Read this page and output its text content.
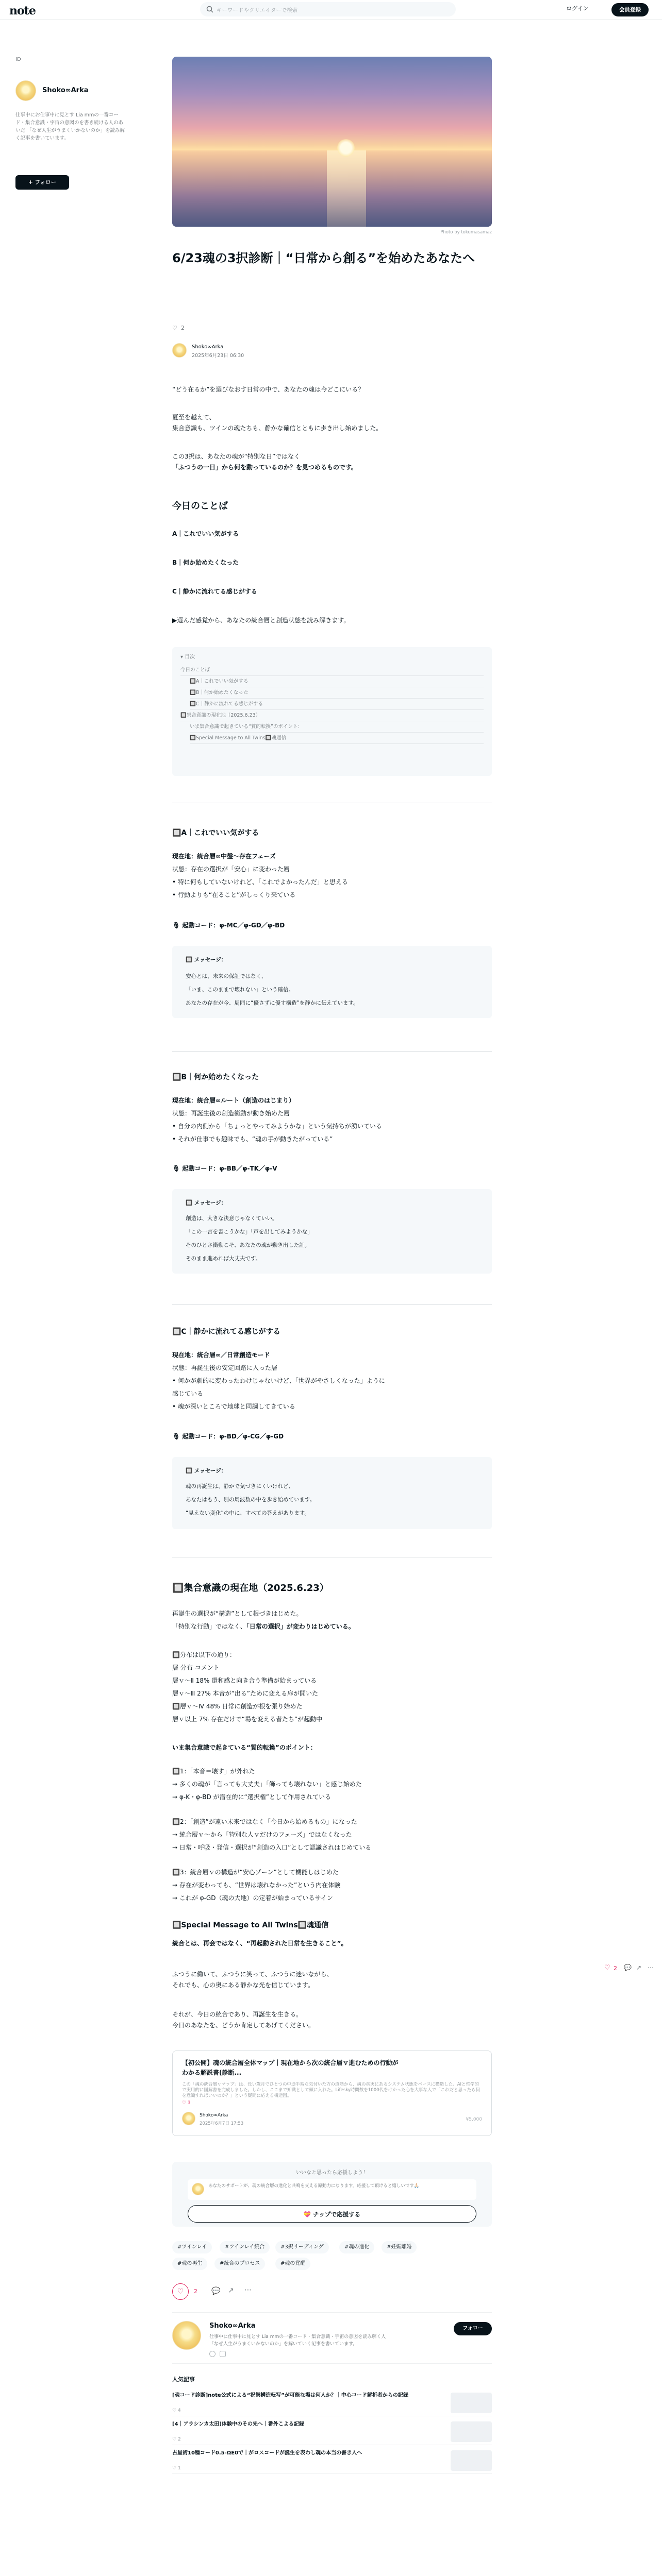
note	キーワードやクリエイターで検索	ログイン	会員登録
ID
Shoko∞Arka
仕事中にお仕事中に見とす Lia mmの一番コード・集合意識・宇宙の意図のを書き続ける人のあいだ 「なぜ人生がうまくいかないのか」を読み解く記事を書いています。
+ フォロー
Photo by tokumasamaz
6/23魂の3択診断｜“日常から創る”を始めたあなたへ
♡ 2
Shoko∞Arka
2025年6月23日 06:30
“どう在るか”を選びなおす日常の中で、あなたの魂は今どこにいる？
夏至を越えて、
集合意識も、ツインの魂たちも、静かな確信とともに歩き出し始めました。
この3択は、あなたの魂が“特別な日”ではなく
「ふつうの一日」から何を動っているのか？を見つめるものです。
今日のことば
A｜これでいい気がする
B｜何か始めたくなった
C｜静かに流れてる感じがする
▶選んだ感覚から、あなたの統合層と創造状態を読み解きます。
▾ 目次
今日のことば
🔲A｜これでいい気がする
🔲B｜何か始めたくなった
🔲C｜静かに流れてる感じがする
🔲集合意識の現在地（2025.6.23）
いま集合意識で起きている“質的転換”のポイント：
🔲Special Message to All Twins🔲魂通信
🔲A｜これでいい気がする
現在地：統合層∞中盤〜存在フェーズ
状態：存在の選択が「安心」に変わった層
• 特に何もしていないけれど、「これでよかったんだ」と思える
• 行動よりも“在ること”がしっくり来ている
🎙 起動コード：φ-MC／φ-GD／φ-BD
🔲 メッセージ：
安心とは、未来の保証ではなく、
「いま、このままで壊れない」という確信。
あなたの存在が今、周囲に“優さずに優す構造”を静かに伝えています。
🔲B｜何か始めたくなった
現在地：統合層∞ルート（創造のはじまり）
状態：再誕生後の創造衝動が動き始めた層
• 自分の内側から「ちょっとやってみようかな」という気持ちが湧いている
• それが仕事でも趣味でも、“魂の手が動きたがっている”
🎙 起動コード：φ-BB／φ-TK／φ-V
🔲 メッセージ：
創造は、大きな決意じゃなくていい。
「この一言を書こうかな」「声を出してみようかな」
そのひとさ衝動こそ、あなたの魂が動き出した証。
そのまま進めれば大丈夫です。
🔲C｜静かに流れてる感じがする
現在地：統合層∞／日常創造モード
状態：再誕生後の安定回路に入った層
• 何かが劇的に変わったわけじゃないけど、「世界がやさしくなった」ように
感じている
• 魂が深いところで地球と同調してきている
🎙 起動コード：φ-BD／φ-CG／φ-GD
🔲 メッセージ：
魂の再誕生は、静かで気づきにくいけれど、
あなたはもう、別の周波数の中を歩き始めています。
“見えない変化”の中に、すべての答えがあります。
🔲集合意識の現在地（2025.6.23）
再誕生の選択が“構造”として根づきはじめた。
「特別な行動」ではなく、「日常の選択」が変わりはじめている。
🔲分布は以下の通り：
層 分布 コメント
層ｖ〜Ⅱ 18% 還和感と向き合う準備が始まっている
層ｖ〜Ⅲ 27% 本音が“出る”ために変える扉が開いた
🔲層ｖ〜Ⅳ 48% 日常に創造が根を張り始めた
層ｖ以上 7% 存在だけで“場を変える者たち”が起動中
いま集合意識で起きている“質的転換”のポイント：
🔲1：「本音＝壊す」が外れた
→ 多くの魂が「言っても大丈夫」「飾っても壊れない」と感じ始めた
→ φ-K・φ-BD が潜在的に“選択権”として作用されている
🔲2：「創造”が遠い未来ではなく「今日から始めるもの」になった
→ 統合層ｖ〜から「特別な人ｖだけのフェーズ」ではなくなった
→ 日常・呼吸・発信・選択が“創造の入口”として認識されはじめている
🔲3：統合層ｖの構造が“安心ゾーン”として機能しはじめた
→ 存在が変わっても、“世界は壊れなかった”という内在体験
→ これが φ-GD（魂の大地）の定着が始まっているサイン
🔲Special Message to All Twins🔲魂通信
統合とは、再会ではなく、“再起動された日常を生きること”。
ふつうに働いて、ふつうに笑って、ふつうに迷いながら、
それでも、心の奥にある静かな光を信じています。
それが、今日の統合であり、再誕生を生きる。
今日のあなたを、どうか肯定してあげてください。
【初公開】魂の統合層全体マップ｜現在地から次の統合層ｖ進むための行動がわかる解説書(診断...
この「魂の統合層ｖマップ」は、長い歳月でひとつの中途半端な気付いた方の道筋から、魂の真実にあるシステム状態をベースに構造した、AIと哲学的で実用的に図解書を完成しました。しかし、ここまで知識として頭に入れた。Lifesky時間数を1000代をけかった心を大事な人で「これだと思ったら何を意識すればいいのか？」という疑問に応える構造図。
♡ 3
Shoko∞Arka
2025年6月7日 17:53
¥5,000
いいなと思ったら応援しよう！
あなたのサポートが、魂の統合層の進化と共鳴を支える原動力になります。応援して頂けると嬉しいです🙏🏻
💝 チップで応援する
#ツインレイ	#ツインレイ統合	#3択リーディング	#魂の進化	#妊娠離婚
#魂の再生	#統合のプロセス	#魂の覚醒
♡	2 💬 ↗ ⋯
Shoko∞Arka
仕事中に仕事中に見とす Lia mmの一番コード・集合意識・宇宙の意図を読み解く人
「なぜ人生がうまくいかないのか」を解いていく記事を書いています。
フォロー
人気記事
[魂コード診断]note公式による“祝祭構造転写”が可能な場は何人か？｜中心コード解析者からの記録
♡ 4
[4｜アラシンカ太田]体験中のその先へ｜番外こよる記録
♡ 2
占星術10種コード0.5-ΩE0で｜がロスコードが誕生を表わし魂の本当の書き人へ
♡ 1
♡ 2 💬 ↗ ⋯
